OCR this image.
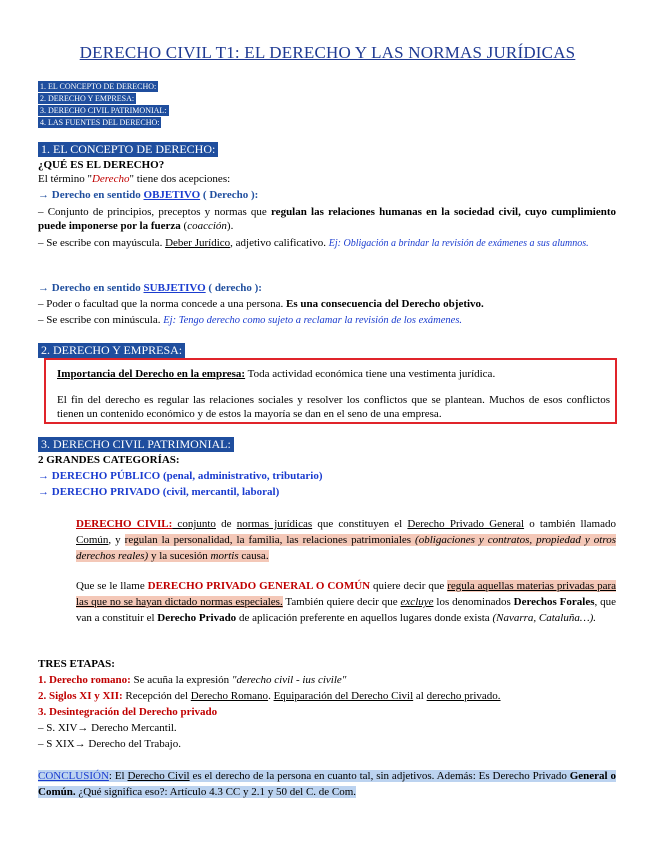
DERECHO CIVIL T1: EL DERECHO Y LAS NORMAS JURÍDICAS
1. EL CONCEPTO DE DERECHO:
2. DERECHO Y EMPRESA:
3. DERECHO CIVIL PATRIMONIAL:
4. LAS FUENTES DEL DERECHO:
1. EL CONCEPTO DE DERECHO:
¿QUÉ ES EL DERECHO?
El término "Derecho" tiene dos acepciones:
→ Derecho en sentido OBJETIVO ( Derecho ):
– Conjunto de principios, preceptos y normas que regulan las relaciones humanas en la sociedad civil, cuyo cumplimiento puede imponerse por la fuerza (coacción).
– Se escribe con mayúscula. Deber Jurídico, adjetivo calificativo. Ej: Obligación a brindar la revisión de exámenes a sus alumnos.
→ Derecho en sentido SUBJETIVO ( derecho ):
– Poder o facultad que la norma concede a una persona. Es una consecuencia del Derecho objetivo.
– Se escribe con minúscula. Ej: Tengo derecho como sujeto a reclamar la revisión de los exámenes.
2. DERECHO Y EMPRESA:
Importancia del Derecho en la empresa: Toda actividad económica tiene una vestimenta jurídica.
El fin del derecho es regular las relaciones sociales y resolver los conflictos que se plantean. Muchos de esos conflictos tienen un contenido económico y de estos la mayoría se dan en el seno de una empresa.
3. DERECHO CIVIL PATRIMONIAL:
2 GRANDES CATEGORÍAS:
→ DERECHO PÚBLICO (penal, administrativo, tributario)
→ DERECHO PRIVADO (civil, mercantil, laboral)
DERECHO CIVIL: conjunto de normas jurídicas que constituyen el Derecho Privado General o también llamado Común, y regulan la personalidad, la familia, las relaciones patrimoniales (obligaciones y contratos, propiedad y otros derechos reales) y la sucesión mortis causa.
Que se le llame DERECHO PRIVADO GENERAL O COMÚN quiere decir que regula aquellas materias privadas para las que no se hayan dictado normas especiales. También quiere decir que excluye los denominados Derechos Forales, que van a constituir el Derecho Privado de aplicación preferente en aquellos lugares donde exista (Navarra, Cataluña…).
TRES ETAPAS:
1. Derecho romano: Se acuña la expresión "derecho civil - ius civile"
2. Siglos XI y XII: Recepción del Derecho Romano. Equiparación del Derecho Civil al derecho privado.
3. Desintegración del Derecho privado
– S. XIV→ Derecho Mercantil.
– S XIX→ Derecho del Trabajo.
CONCLUSIÓN: El Derecho Civil es el derecho de la persona en cuanto tal, sin adjetivos. Además: Es Derecho Privado General o Común. ¿Qué significa eso?: Artículo 4.3 CC y 2.1 y 50 del C. de Com.
